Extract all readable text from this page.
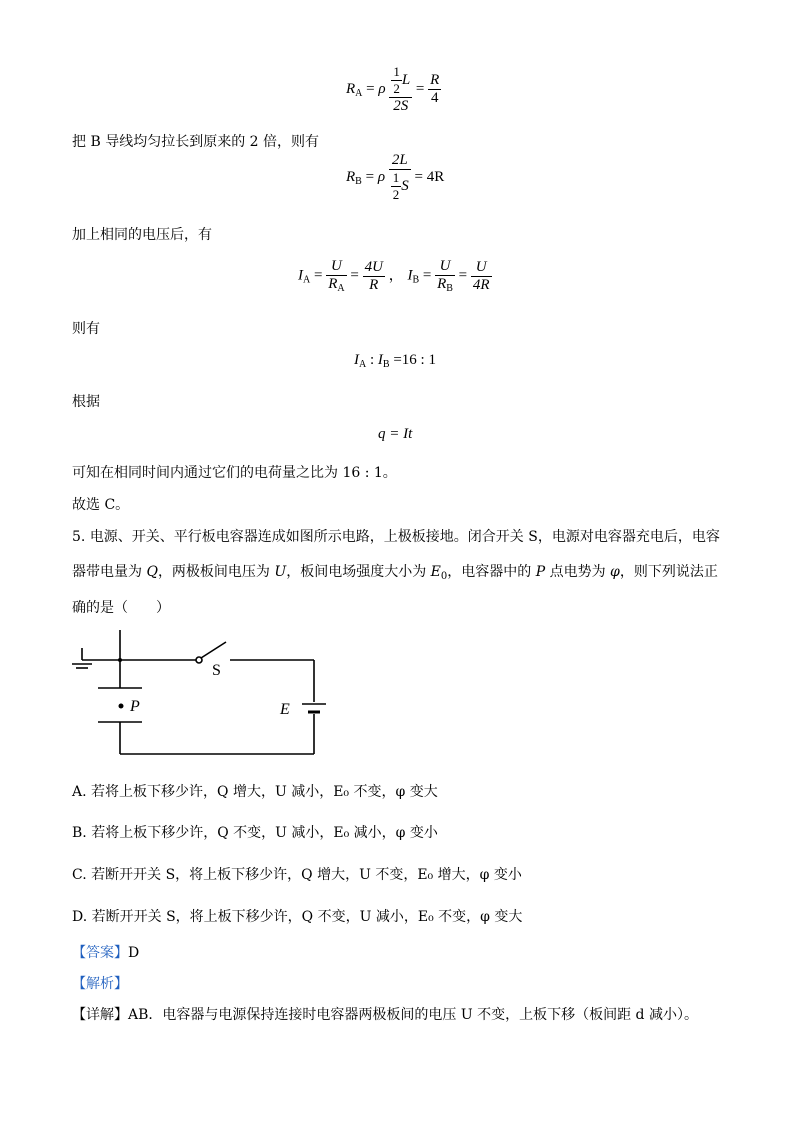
$R_A = \rho \frac{\frac{1}{2} L}{2S} = \frac{R}{4}$
把 B 导线均匀拉长到原来的 2 倍，则有
$R_B = \rho \frac{2L}{\frac{1}{2} S} = 4R$
加上相同的电压后，有
$I_A = \frac{U}{R_A} = \frac{4U}{R}$ ， $I_B = \frac{U}{R_B} = \frac{U}{4R}$
则有
$I_A$ : $I_B =16$ : 1
根据
q = It
可知在相同时间内通过它们的电荷量之比为 16 : 1。
故选 C。
5. 电源、开关、平行板电容器连成如图所示电路，上极板接地。闭合开关 S，电源对电容器充电后，电容
器带电量为 Q，两极板间电压为 U，板间电场强度大小为 $E_0$，电容器中的 P 点电势为 φ，则下列说法正
确的是（　　）
P
S
E
A. 若将上板下移少许，Q 增大，U 减小，E₀ 不变，φ 变大
B. 若将上板下移少许，Q 不变，U 减小，E₀ 减小，φ 变小
C. 若断开开关 S，将上板下移少许，Q 增大，U 不变，E₀ 增大，φ 变小
D. 若断开开关 S，将上板下移少许，Q 不变，U 减小，E₀ 不变，φ 变大
【答案】D
【解析】
【详解】AB．电容器与电源保持连接时电容器两极板间的电压 U 不变，上板下移（板间距 d 减小）。
